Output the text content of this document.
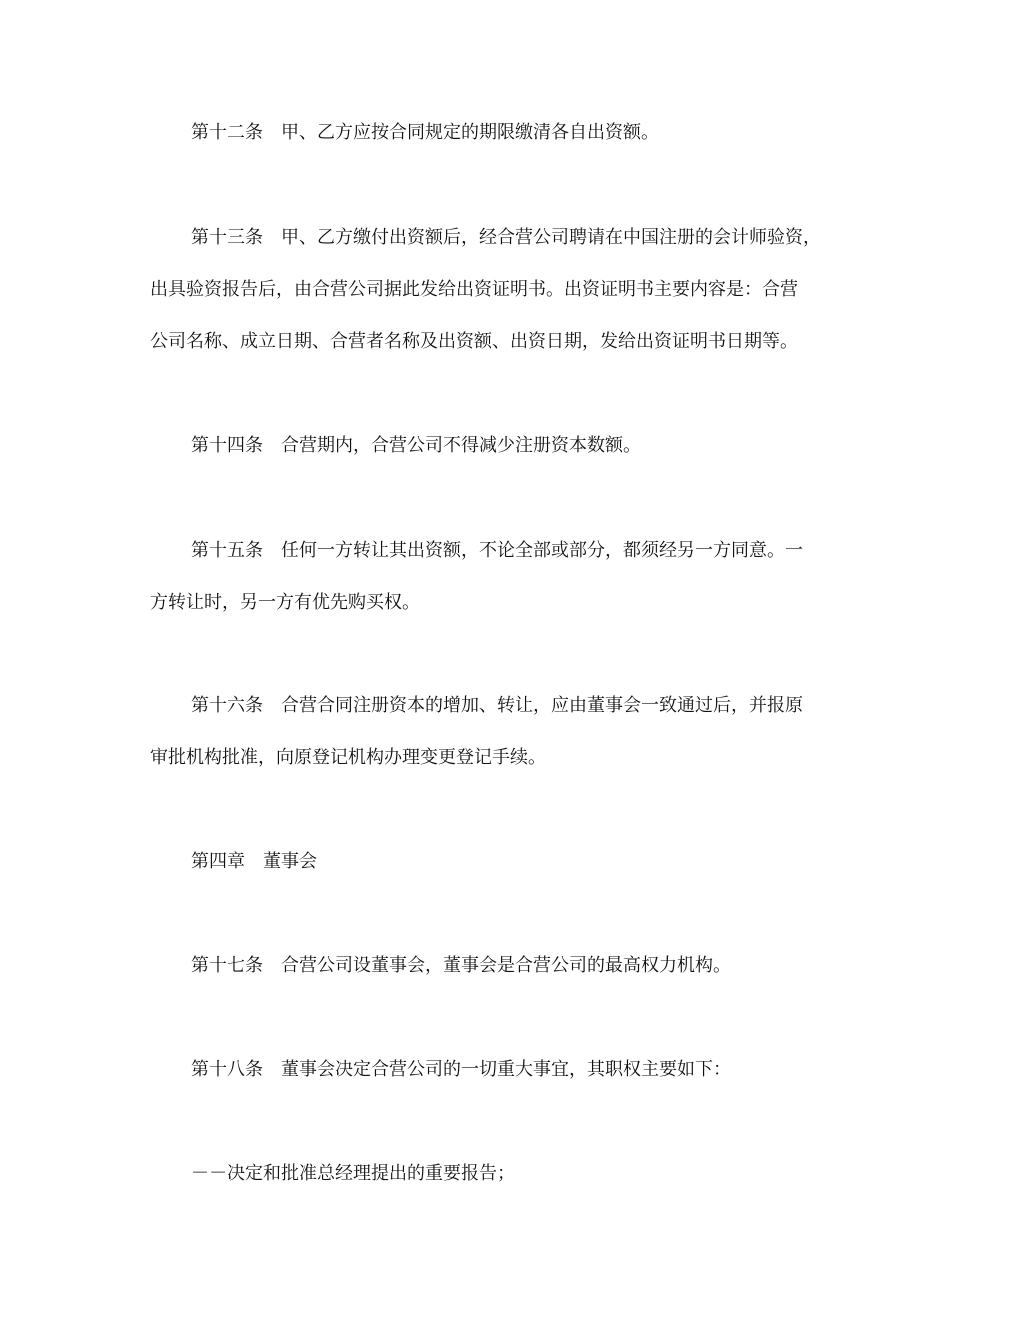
第十二条　甲、乙方应按合同规定的期限缴清各自出资额。

第十三条　甲、乙方缴付出资额后，经合营公司聘请在中国注册的会计师验资，

出具验资报告后，由合营公司据此发给出资证明书。出资证明书主要内容是：合营

公司名称、成立日期、合营者名称及出资额、出资日期，发给出资证明书日期等。

第十四条　合营期内，合营公司不得减少注册资本数额。

第十五条　任何一方转让其出资额，不论全部或部分，都须经另一方同意。一

方转让时，另一方有优先购买权。

第十六条　合营合同注册资本的增加、转让，应由董事会一致通过后，并报原

审批机构批准，向原登记机构办理变更登记手续。

第四章　董事会

第十七条　合营公司设董事会，董事会是合营公司的最高权力机构。

第十八条　董事会决定合营公司的一切重大事宜，其职权主要如下：

－－决定和批准总经理提出的重要报告；
